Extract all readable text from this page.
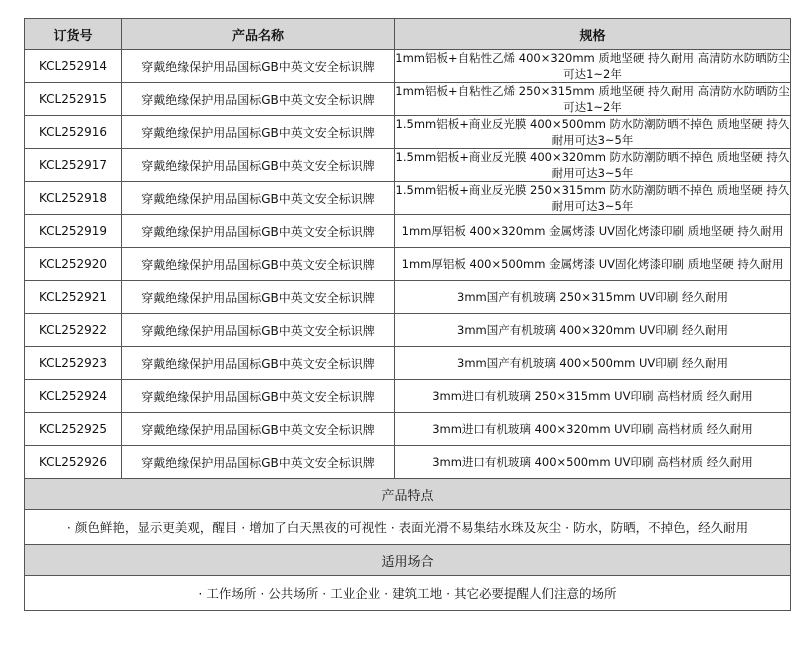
订货号	产品名称	规格
KCL252914	穿戴绝缘保护用品国标GB中英文安全标识牌	1mm铝板+自粘性乙烯 400×320mm 质地坚硬 持久耐用 高清防水防晒防尘可达1~2年
KCL252915	穿戴绝缘保护用品国标GB中英文安全标识牌	1mm铝板+自粘性乙烯 250×315mm 质地坚硬 持久耐用 高清防水防晒防尘可达1~2年
KCL252916	穿戴绝缘保护用品国标GB中英文安全标识牌	1.5mm铝板+商业反光膜 400×500mm 防水防潮防晒不掉色 质地坚硬 持久耐用可达3~5年
KCL252917	穿戴绝缘保护用品国标GB中英文安全标识牌	1.5mm铝板+商业反光膜 400×320mm 防水防潮防晒不掉色 质地坚硬 持久耐用可达3~5年
KCL252918	穿戴绝缘保护用品国标GB中英文安全标识牌	1.5mm铝板+商业反光膜 250×315mm 防水防潮防晒不掉色 质地坚硬 持久耐用可达3~5年
KCL252919	穿戴绝缘保护用品国标GB中英文安全标识牌	1mm厚铝板 400×320mm 金属烤漆 UV固化烤漆印刷 质地坚硬 持久耐用
KCL252920	穿戴绝缘保护用品国标GB中英文安全标识牌	1mm厚铝板 400×500mm 金属烤漆 UV固化烤漆印刷 质地坚硬 持久耐用
KCL252921	穿戴绝缘保护用品国标GB中英文安全标识牌	3mm国产有机玻璃 250×315mm UV印刷 经久耐用
KCL252922	穿戴绝缘保护用品国标GB中英文安全标识牌	3mm国产有机玻璃 400×320mm UV印刷 经久耐用
KCL252923	穿戴绝缘保护用品国标GB中英文安全标识牌	3mm国产有机玻璃 400×500mm UV印刷 经久耐用
KCL252924	穿戴绝缘保护用品国标GB中英文安全标识牌	3mm进口有机玻璃 250×315mm UV印刷 高档材质 经久耐用
KCL252925	穿戴绝缘保护用品国标GB中英文安全标识牌	3mm进口有机玻璃 400×320mm UV印刷 高档材质 经久耐用
KCL252926	穿戴绝缘保护用品国标GB中英文安全标识牌	3mm进口有机玻璃 400×500mm UV印刷 高档材质 经久耐用
产品特点		
· 颜色鲜艳，显示更美观，醒目 · 增加了白天黑夜的可视性 · 表面光滑不易集结水珠及灰尘 · 防水，防晒，不掉色，经久耐用		
适用场合		
· 工作场所 · 公共场所 · 工业企业 · 建筑工地 · 其它必要提醒人们注意的场所		
